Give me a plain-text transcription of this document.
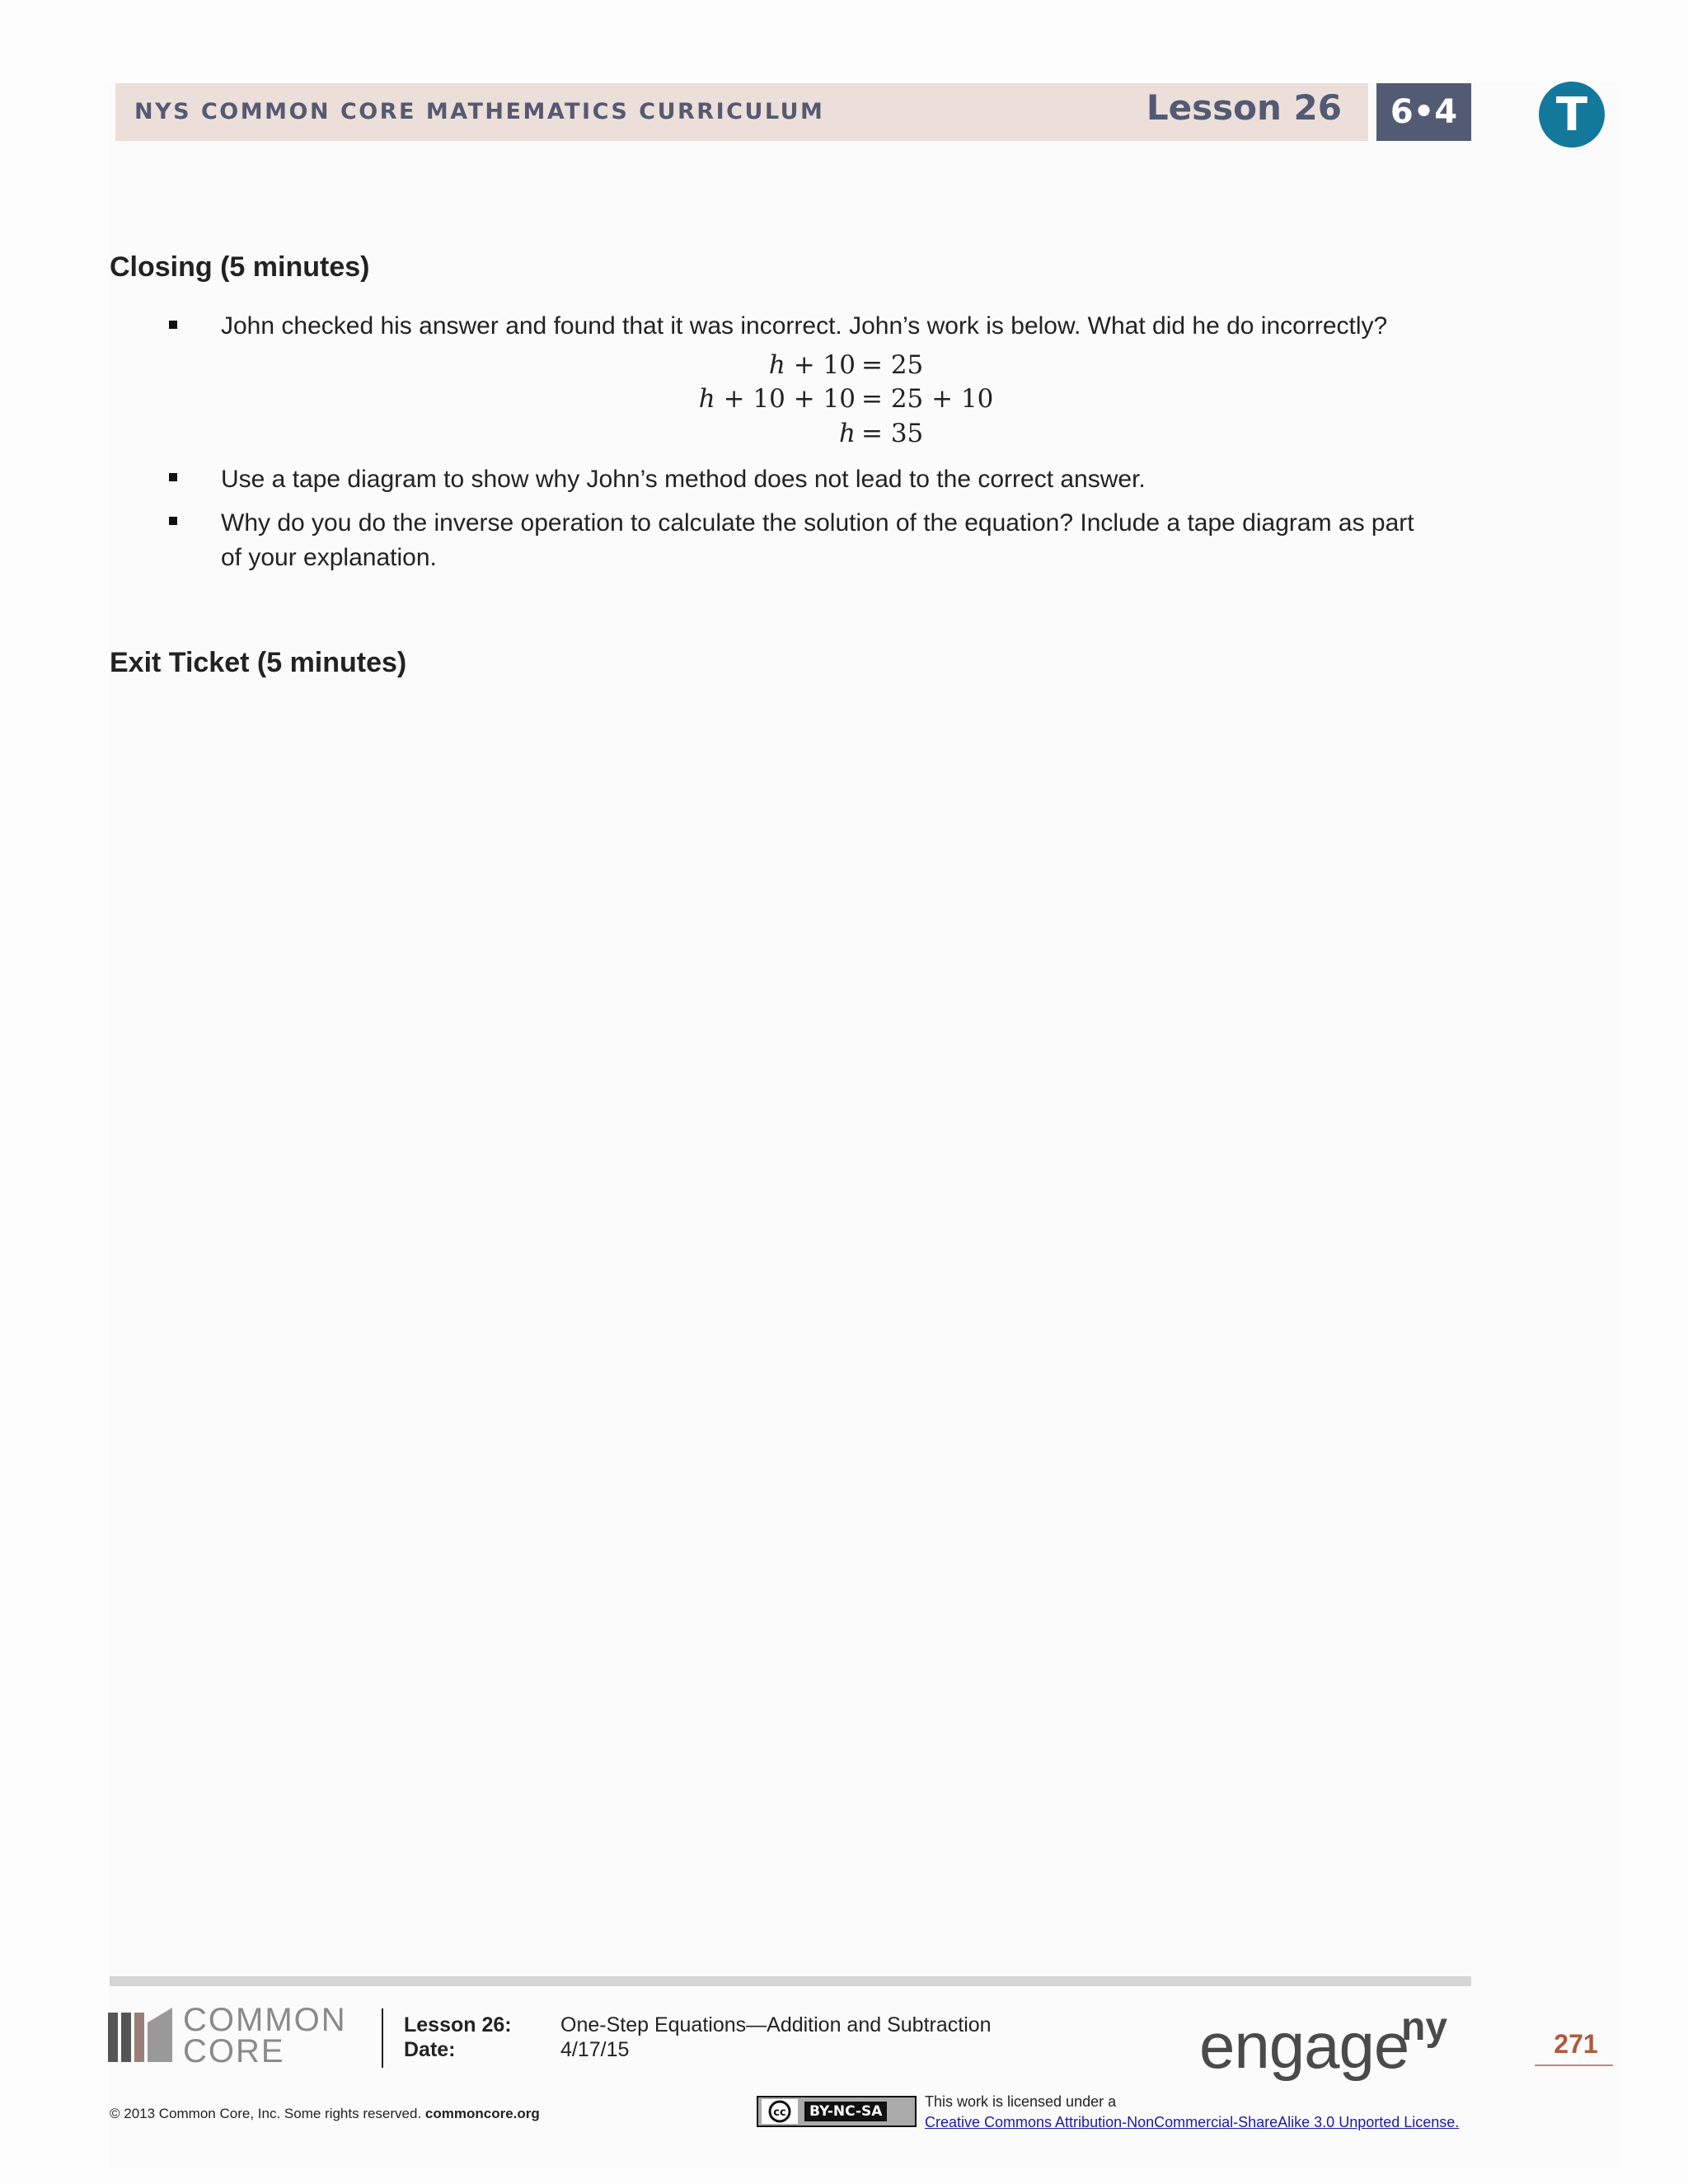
NYS COMMON CORE MATHEMATICS CURRICULUM	Lesson 26	6•4	T
Closing (5 minutes)
John checked his answer and found that it was incorrect. John’s work is below. What did he do incorrectly?
ℎ + 10 = 25
ℎ + 10 + 10 = 25 + 10
ℎ = 35
Use a tape diagram to show why John’s method does not lead to the correct answer.
Why do you do the inverse operation to calculate the solution of the equation? Include a tape diagram as part
of your explanation.
Exit Ticket (5 minutes)
COMMON
CORE
Lesson 26: One-Step Equations—Addition and Subtraction
Date:	4/17/15	engage
ny	271
© 2013 Common Core, Inc. Some rights reserved. commoncore.org	cc	BY-NC-SA
This work is licensed under a
Creative Commons Attribution-NonCommercial-ShareAlike 3.0 Unported License.
